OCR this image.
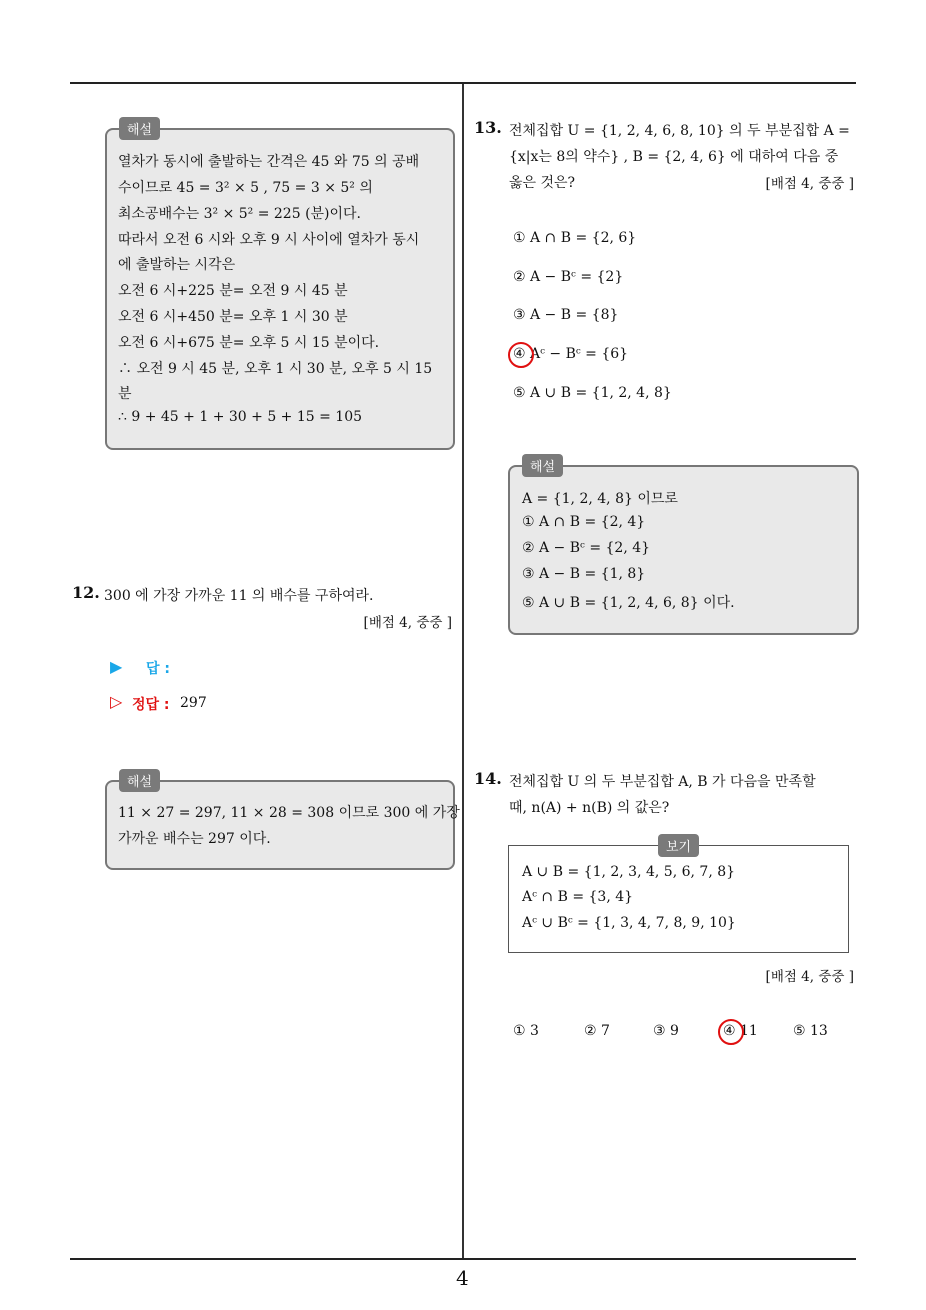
해설
열차가 동시에 출발하는 간격은 45 와 75 의 공배
수이므로 45 = 3² × 5 , 75 = 3 × 5² 의
최소공배수는 3² × 5² = 225 (분)이다.
따라서 오전 6 시와 오후 9 시 사이에 열차가 동시
에 출발하는 시각은
오전 6 시+225 분= 오전 9 시 45 분
오전 6 시+450 분= 오후 1 시 30 분
오전 6 시+675 분= 오후 5 시 15 분이다.
∴ 오전 9 시 45 분, 오후 1 시 30 분, 오후 5 시 15
분
∴ 9 + 45 + 1 + 30 + 5 + 15 = 105
12. 300 에 가장 가까운 11 의 배수를 구하여라.
[배점 4, 중중 ]
▶ 답 :
▷ 정답 : 297
해설
11 × 27 = 297, 11 × 28 = 308 이므로 300 에 가장
가까운 배수는 297 이다.
13. 전체집합 U = {1, 2, 4, 6, 8, 10} 의 두 부분집합 A =
{x|x는 8의 약수} , B = {2, 4, 6} 에 대하여 다음 중
옳은 것은?	[배점 4, 중중 ]
① A ∩ B = {2, 6}
② A − Bᶜ = {2}
③ A − B = {8}
④ Aᶜ − Bᶜ = {6}
⑤ A ∪ B = {1, 2, 4, 8}
해설
A = {1, 2, 4, 8} 이므로
① A ∩ B = {2, 4}
② A − Bᶜ = {2, 4}
③ A − B = {1, 8}
⑤ A ∪ B = {1, 2, 4, 6, 8} 이다.
14. 전체집합 U 의 두 부분집합 A, B 가 다음을 만족할
때, n(A) + n(B) 의 값은?
보기
A ∪ B = {1, 2, 3, 4, 5, 6, 7, 8}
Aᶜ ∩ B = {3, 4}
Aᶜ ∪ Bᶜ = {1, 3, 4, 7, 8, 9, 10}
[배점 4, 중중 ]
① 3	② 7	③ 9	④ 11	⑤ 13
4
